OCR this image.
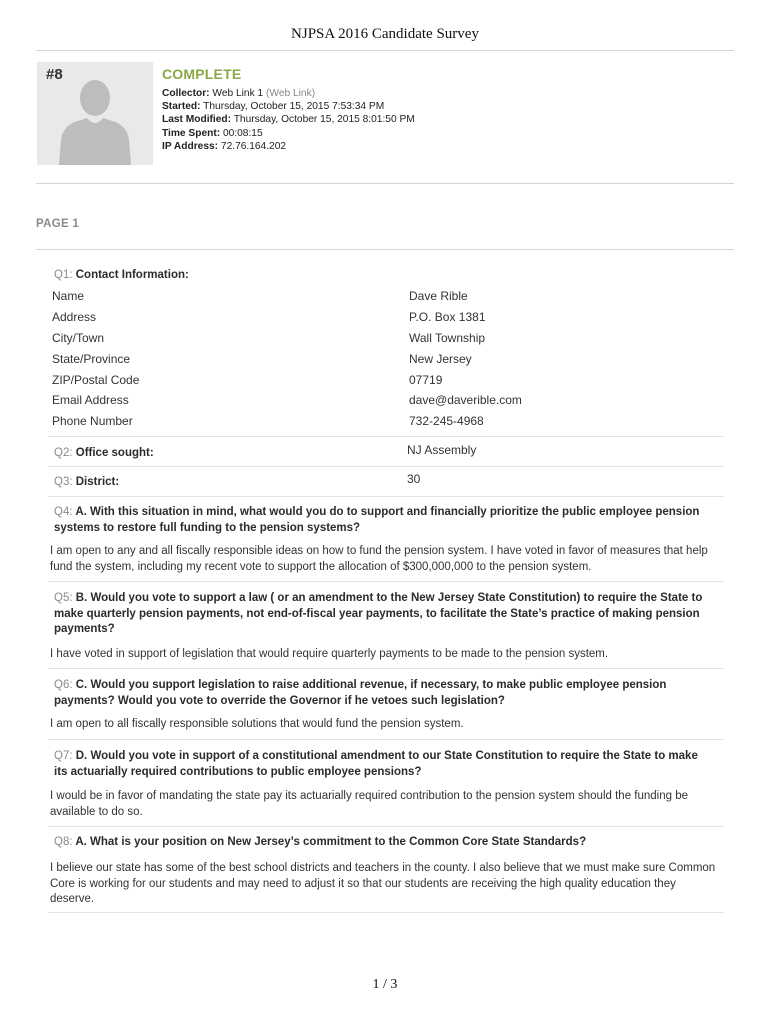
NJPSA 2016 Candidate Survey
#8	COMPLETE
Collector: Web Link 1 (Web Link)
Started: Thursday, October 15, 2015 7:53:34 PM
Last Modified: Thursday, October 15, 2015 8:01:50 PM
Time Spent: 00:08:15
IP Address: 72.76.164.202
PAGE 1
Q1: Contact Information:
Name	Dave Rible
Address	P.O. Box 1381
City/Town	Wall Township
State/Province	New Jersey
ZIP/Postal Code	07719
Email Address	dave@daverible.com
Phone Number	732-245-4968
Q2: Office sought:	NJ Assembly
Q3: District:	30
Q4: A. With this situation in mind, what would you do to support and financially prioritize the public employee pension systems to restore full funding to the pension systems?
I am open to any and all fiscally responsible ideas on how to fund the pension system. I have voted in favor of measures that help fund the system, including my recent vote to support the allocation of $300,000,000 to the pension system.
Q5: B. Would you vote to support a law ( or an amendment to the New Jersey State Constitution) to require the State to make quarterly pension payments, not end-of-fiscal year payments, to facilitate the State’s practice of making pension payments?
I have voted in support of legislation that would require quarterly payments to be made to the pension system.
Q6: C. Would you support legislation to raise additional revenue, if necessary, to make public employee pension payments? Would you vote to override the Governor if he vetoes such legislation?
I am open to all fiscally responsible solutions that would fund the pension system.
Q7: D. Would you vote in support of a constitutional amendment to our State Constitution to require the State to make its actuarially required contributions to public employee pensions?
I would be in favor of mandating the state pay its actuarially required contribution to the pension system should the funding be available to do so.
Q8: A. What is your position on New Jersey’s commitment to the Common Core State Standards?
I believe our state has some of the best school districts and teachers in the county. I also believe that we must make sure Common Core is working for our students and may need to adjust it so that our students are receiving the high quality education they deserve.
1 / 3
